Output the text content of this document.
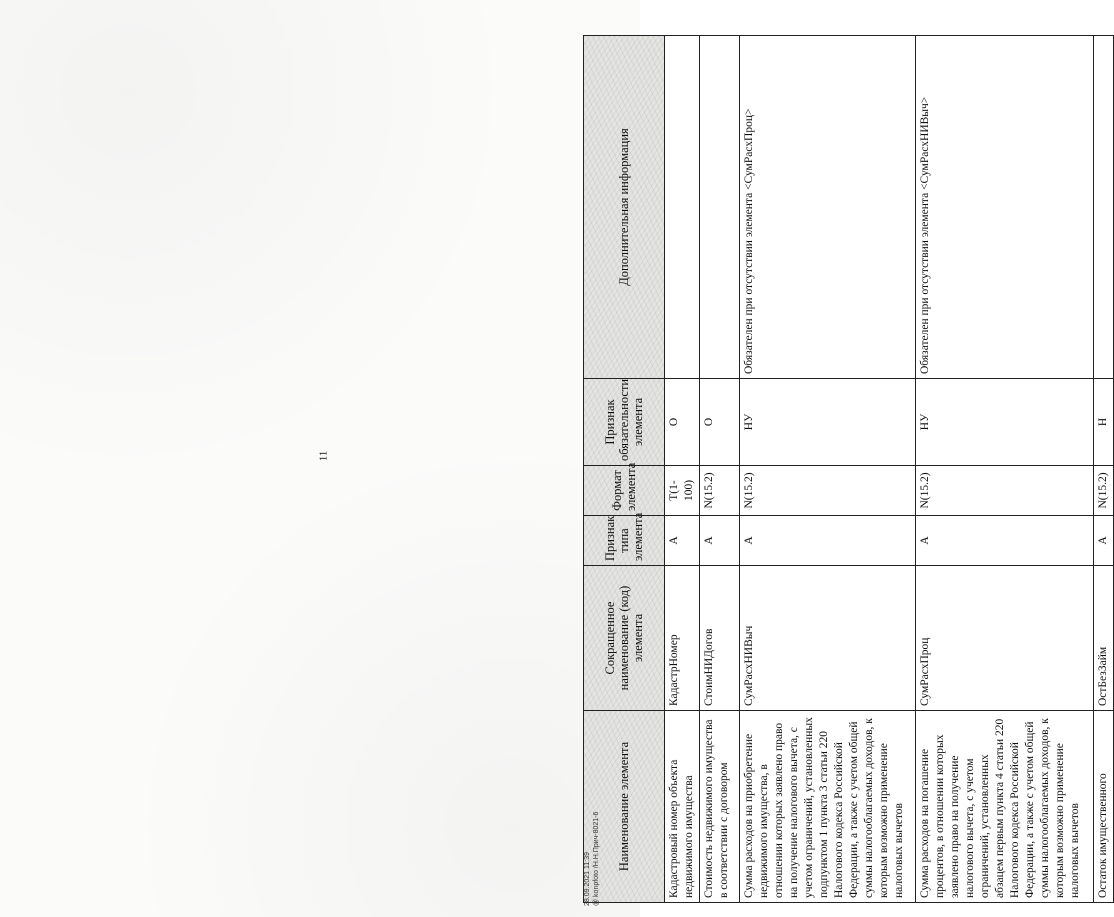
11
Наименование элемента	Сокращенное наименование (код) элемента	Признак типа элемента	Формат элемента	Признак обязательности элемента	Дополнительная информация
Кадастровый номер объекта недвижимого имущества	КадастрНомер	А	T(1-100)	О	
Стоимость недвижимого имущества в соответствии с договором	СтоимНИДогов	А	N(15.2)	О	
Сумма расходов на приобретение недвижимого имущества, в отношении которых заявлено право на получение налогового вычета, с учетом ограничений, установленных подпунктом 1 пункта 3 статьи 220 Налогового кодекса Российской Федерации, а также с учетом общей суммы налогооблагаемых доходов, к которым возможно применение налоговых вычетов	СумРасхНИВыч	А	N(15.2)	НУ	Обязателен при отсутствии элемента <СумРасхПроц>
Сумма расходов на погашение процентов, в отношении которых заявлено право на получение налогового вычета, с учетом ограничений, установленных абзацем первым пункта 4 статьи 220 Налогового кодекса Российской Федерации, а также с учетом общей суммы налогооблагаемых доходов, к которым возможно применение налоговых вычетов	СумРасхПроц	А	N(15.2)	НУ	Обязателен при отсутствии элемента <СумРасхНИВыч>
Остаток имущественного	ОстБезЗайм	А	N(15.2)	Н	
28.09.2021 11:39 @ konpfoto /Н.Н.Прич-8021-6
